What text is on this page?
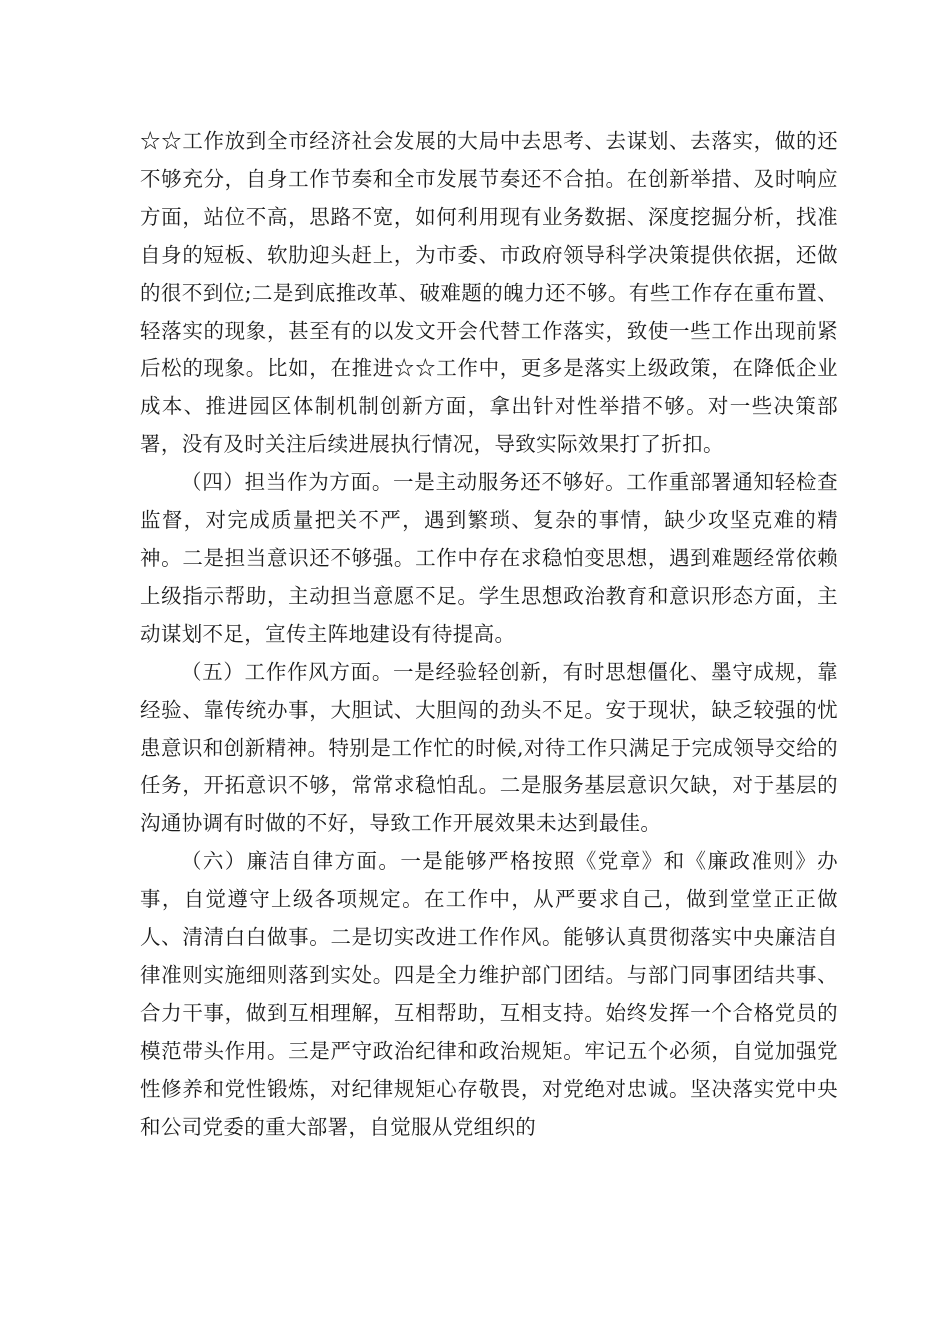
☆☆工作放到全市经济社会发展的大局中去思考、去谋划、去落实，做的还不够充分，自身工作节奏和全市发展节奏还不合拍。在创新举措、及时响应方面，站位不高，思路不宽，如何利用现有业务数据、深度挖掘分析，找准自身的短板、软肋迎头赶上，为市委、市政府领导科学决策提供依据，还做的很不到位;二是到底推改革、破难题的魄力还不够。有些工作存在重布置、轻落实的现象，甚至有的以发文开会代替工作落实，致使一些工作出现前紧后松的现象。比如，在推进☆☆工作中，更多是落实上级政策，在降低企业成本、推进园区体制机制创新方面，拿出针对性举措不够。对一些决策部署，没有及时关注后续进展执行情况，导致实际效果打了折扣。

（四）担当作为方面。一是主动服务还不够好。工作重部署通知轻检查监督，对完成质量把关不严，遇到繁琐、复杂的事情，缺少攻坚克难的精神。二是担当意识还不够强。工作中存在求稳怕变思想，遇到难题经常依赖上级指示帮助，主动担当意愿不足。学生思想政治教育和意识形态方面，主动谋划不足，宣传主阵地建设有待提高。

（五）工作作风方面。一是经验轻创新，有时思想僵化、墨守成规，靠经验、靠传统办事，大胆试、大胆闯的劲头不足。安于现状，缺乏较强的忧患意识和创新精神。特别是工作忙的时候,对待工作只满足于完成领导交给的任务，开拓意识不够，常常求稳怕乱。二是服务基层意识欠缺，对于基层的沟通协调有时做的不好，导致工作开展效果未达到最佳。

（六）廉洁自律方面。一是能够严格按照《党章》和《廉政准则》办事，自觉遵守上级各项规定。在工作中，从严要求自己，做到堂堂正正做人、清清白白做事。二是切实改进工作作风。能够认真贯彻落实中央廉洁自律准则实施细则落到实处。四是全力维护部门团结。与部门同事团结共事、合力干事，做到互相理解，互相帮助，互相支持。始终发挥一个合格党员的模范带头作用。三是严守政治纪律和政治规矩。牢记五个必须，自觉加强党性修养和党性锻炼，对纪律规矩心存敬畏，对党绝对忠诚。坚决落实党中央和公司党委的重大部署，自觉服从党组织的
